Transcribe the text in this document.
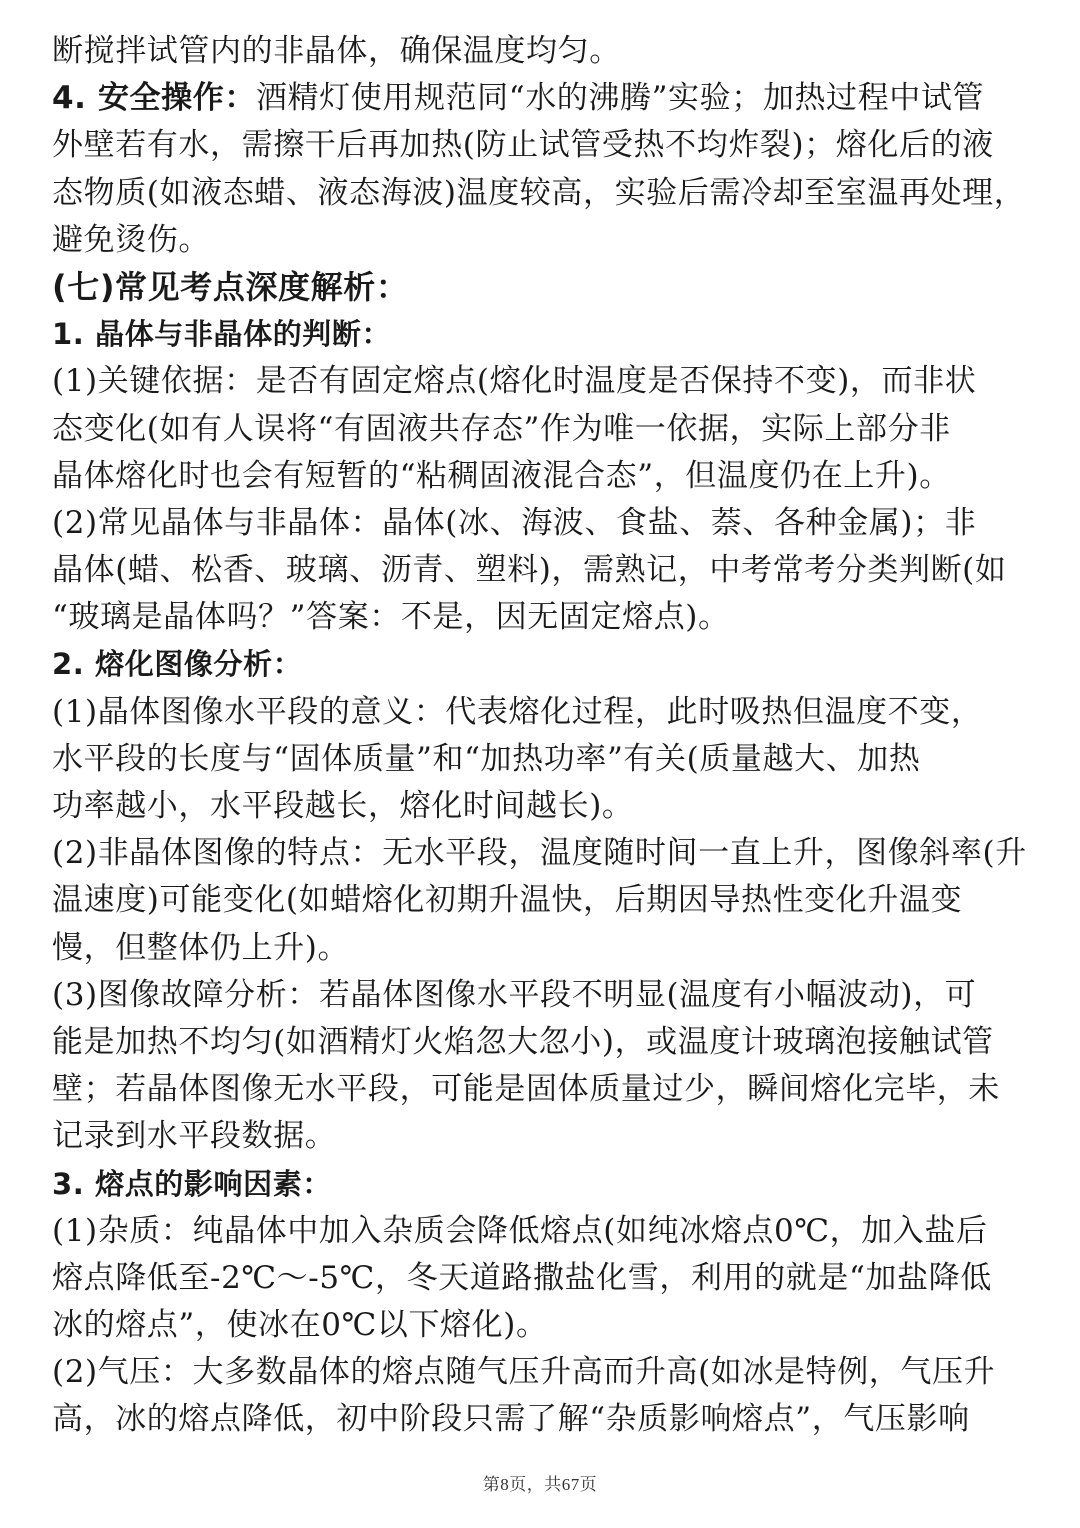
断搅拌试管内的非晶体，确保温度均匀。
4. 安全操作：酒精灯使用规范同“水的沸腾”实验；加热过程中试管
外壁若有水，需擦干后再加热(防止试管受热不均炸裂)；熔化后的液
态物质(如液态蜡、液态海波)温度较高，实验后需冷却至室温再处理，
避免烫伤。
(七)常见考点深度解析：
1. 晶体与非晶体的判断：
(1)关键依据：是否有固定熔点(熔化时温度是否保持不变)，而非状
态变化(如有人误将“有固液共存态”作为唯一依据，实际上部分非
晶体熔化时也会有短暂的“粘稠固液混合态”，但温度仍在上升)。
(2)常见晶体与非晶体：晶体(冰、海波、食盐、萘、各种金属)；非
晶体(蜡、松香、玻璃、沥青、塑料)，需熟记，中考常考分类判断(如
“玻璃是晶体吗？”答案：不是，因无固定熔点)。
2. 熔化图像分析：
(1)晶体图像水平段的意义：代表熔化过程，此时吸热但温度不变，
水平段的长度与“固体质量”和“加热功率”有关(质量越大、加热
功率越小，水平段越长，熔化时间越长)。
(2)非晶体图像的特点：无水平段，温度随时间一直上升，图像斜率(升
温速度)可能变化(如蜡熔化初期升温快，后期因导热性变化升温变
慢，但整体仍上升)。
(3)图像故障分析：若晶体图像水平段不明显(温度有小幅波动)，可
能是加热不均匀(如酒精灯火焰忽大忽小)，或温度计玻璃泡接触试管
壁；若晶体图像无水平段，可能是固体质量过少，瞬间熔化完毕，未
记录到水平段数据。
3. 熔点的影响因素：
(1)杂质：纯晶体中加入杂质会降低熔点(如纯冰熔点0℃，加入盐后
熔点降低至-2℃～-5℃，冬天道路撒盐化雪，利用的就是“加盐降低
冰的熔点”，使冰在0℃以下熔化)。
(2)气压：大多数晶体的熔点随气压升高而升高(如冰是特例，气压升
高，冰的熔点降低，初中阶段只需了解“杂质影响熔点”，气压影响
第8页，共67页
